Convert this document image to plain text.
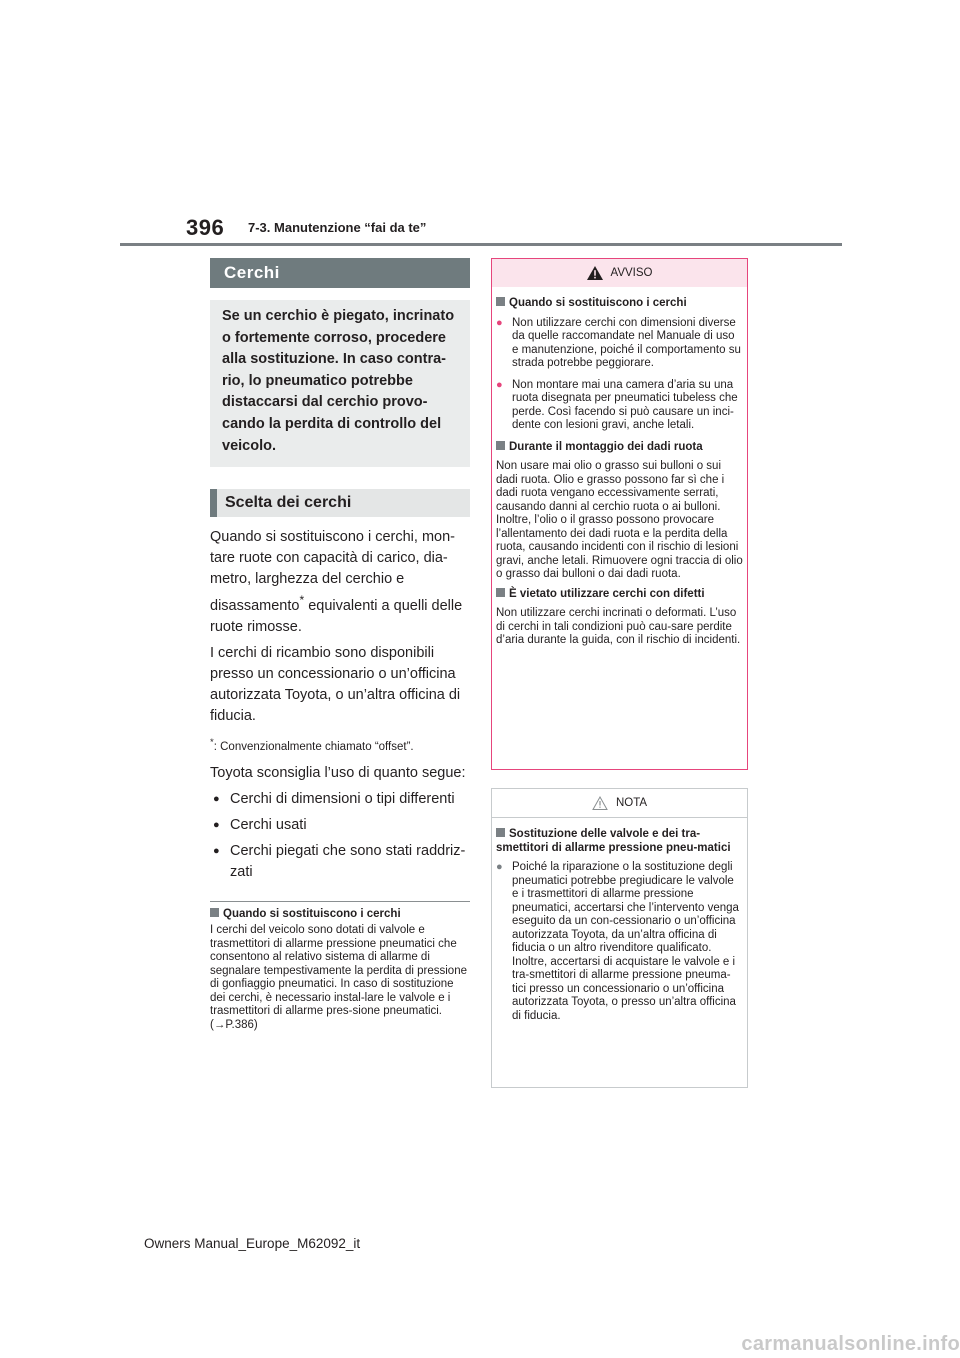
396 7-3. Manutenzione “fai da te”
Cerchi
Se un cerchio è piegato, incrinato
o fortemente corroso, procedere
alla sostituzione. In caso contra-
rio, lo pneumatico potrebbe
distaccarsi dal cerchio provo-
cando la perdita di controllo del
veicolo.
Scelta dei cerchi

Quando si sostituiscono i cerchi, mon-tare ruote con capacità di carico, dia-metro, larghezza del cerchio e disassamento* equivalenti a quelli delle ruote rimosse.

I cerchi di ricambio sono disponibili presso un concessionario o un’officina autorizzata Toyota, o un’altra officina di fiducia.

*: Convenzionalmente chiamato “offset”.

Toyota sconsiglia l’uso di quanto segue:

● Cerchi di dimensioni o tipi differenti
● Cerchi usati
● Cerchi piegati che sono stati raddriz-zati
Quando si sostituiscono i cerchi
I cerchi del veicolo sono dotati di valvole e trasmettitori di allarme pressione pneumatici che consentono al relativo sistema di allarme di segnalare tempestivamente la perdita di pressione di gonfiaggio pneumatici. In caso di sostituzione dei cerchi, è necessario instal-lare le valvole e i trasmettitori di allarme pres-sione pneumatici. (→P.386)
AVVISO
Quando si sostituiscono i cerchi
● Non utilizzare cerchi con dimensioni diverse da quelle raccomandate nel Manuale di uso e manutenzione, poiché il comportamento su strada potrebbe peggiorare.
● Non montare mai una camera d’aria su una ruota disegnata per pneumatici tubeless che perde. Così facendo si può causare un inci-dente con lesioni gravi, anche letali.
Durante il montaggio dei dadi ruota
Non usare mai olio o grasso sui bulloni o sui dadi ruota. Olio e grasso possono far sì che i dadi ruota vengano eccessivamente serrati, causando danni al cerchio ruota o ai bulloni. Inoltre, l’olio o il grasso possono provocare l’allentamento dei dadi ruota e la perdita della ruota, causando incidenti con il rischio di lesioni gravi, anche letali. Rimuovere ogni traccia di olio o grasso dai bulloni o dai dadi ruota.
È vietato utilizzare cerchi con difetti
Non utilizzare cerchi incrinati o deformati. L’uso di cerchi in tali condizioni può cau-sare perdite d’aria durante la guida, con il rischio di incidenti.
NOTA
Sostituzione delle valvole e dei tra-smettitori di allarme pressione pneu-matici
● Poiché la riparazione o la sostituzione degli pneumatici potrebbe pregiudicare le valvole e i trasmettitori di allarme pressione pneumatici, accertarsi che l’intervento venga eseguito da un con-cessionario o un’officina autorizzata Toyota, da un’altra officina di fiducia o un altro rivenditore qualificato. Inoltre, accertarsi di acquistare le valvole e i tra-smettitori di allarme pressione pneuma-tici presso un concessionario o un’officina autorizzata Toyota, o presso un’altra officina di fiducia.
Owners Manual_Europe_M62092_it
carmanualsonline.info
